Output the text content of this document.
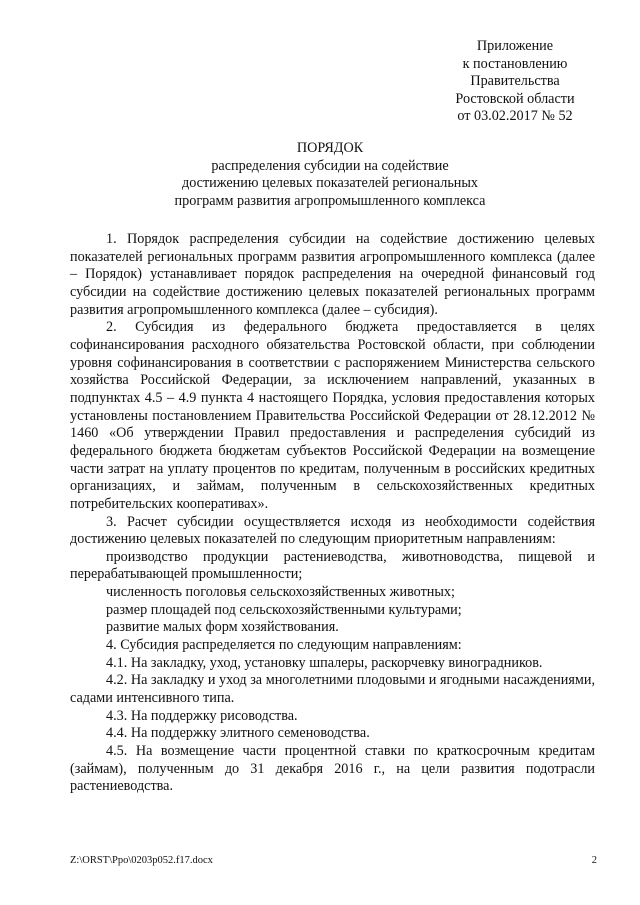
Приложение
к постановлению
Правительства
Ростовской области
от 03.02.2017 № 52
ПОРЯДОК
распределения субсидии на содействие
достижению целевых показателей региональных
программ развития агропромышленного комплекса

1. Порядок распределения субсидии на содействие достижению целевых показателей региональных программ развития агропромышленного комплекса (далее – Порядок) устанавливает порядок распределения на очередной финансовый год субсидии на содействие достижению целевых показателей региональных программ развития агропромышленного комплекса (далее – субсидия).

2. Субсидия из федерального бюджета предоставляется в целях софинансирования расходного обязательства Ростовской области, при соблюдении уровня софинансирования в соответствии с распоряжением Министерства сельского хозяйства Российской Федерации, за исключением направлений, указанных в подпунктах 4.5 – 4.9 пункта 4 настоящего Порядка, условия предоставления которых установлены постановлением Правительства Российской Федерации от 28.12.2012 № 1460 «Об утверждении Правил предоставления и распределения субсидий из федерального бюджета бюджетам субъектов Российской Федерации на возмещение части затрат на уплату процентов по кредитам, полученным в российских кредитных организациях, и займам, полученным в сельскохозяйственных кредитных потребительских кооперативах».

3. Расчет субсидии осуществляется исходя из необходимости содействия достижению целевых показателей по следующим приоритетным направлениям:

производство продукции растениеводства, животноводства, пищевой и перерабатывающей промышленности;

численность поголовья сельскохозяйственных животных;

размер площадей под сельскохозяйственными культурами;

развитие малых форм хозяйствования.

4. Субсидия распределяется по следующим направлениям:

4.1. На закладку, уход, установку шпалеры, раскорчевку виноградников.

4.2. На закладку и уход за многолетними плодовыми и ягодными насаждениями, садами интенсивного типа.

4.3. На поддержку рисоводства.

4.4. На поддержку элитного семеноводства.

4.5. На возмещение части процентной ставки по краткосрочным кредитам (займам), полученным до 31 декабря 2016 г., на цели развития подотрасли растениеводства.

Z:\ORST\Ppo\0203p052.f17.docx	2
